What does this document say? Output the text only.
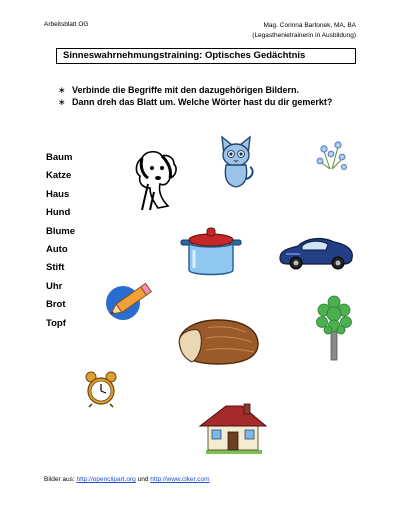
Arbeitsblatt OG	Mag. Corinna Bartonek, MA, BA
(Legasthenietrainerin in Ausbildung)
Sinneswahrnehmungstraining: Optisches Gedächtnis
∗ Verbinde die Begriffe mit den dazugehörigen Bildern.
∗ Dann dreh das Blatt um. Welche Wörter hast du dir gemerkt?
Baum
Katze
Haus
Hund
Blume
Auto
Stift
Uhr
Brot
Topf
Bilder aus: http://openclipart.org und http://www.clker.com
